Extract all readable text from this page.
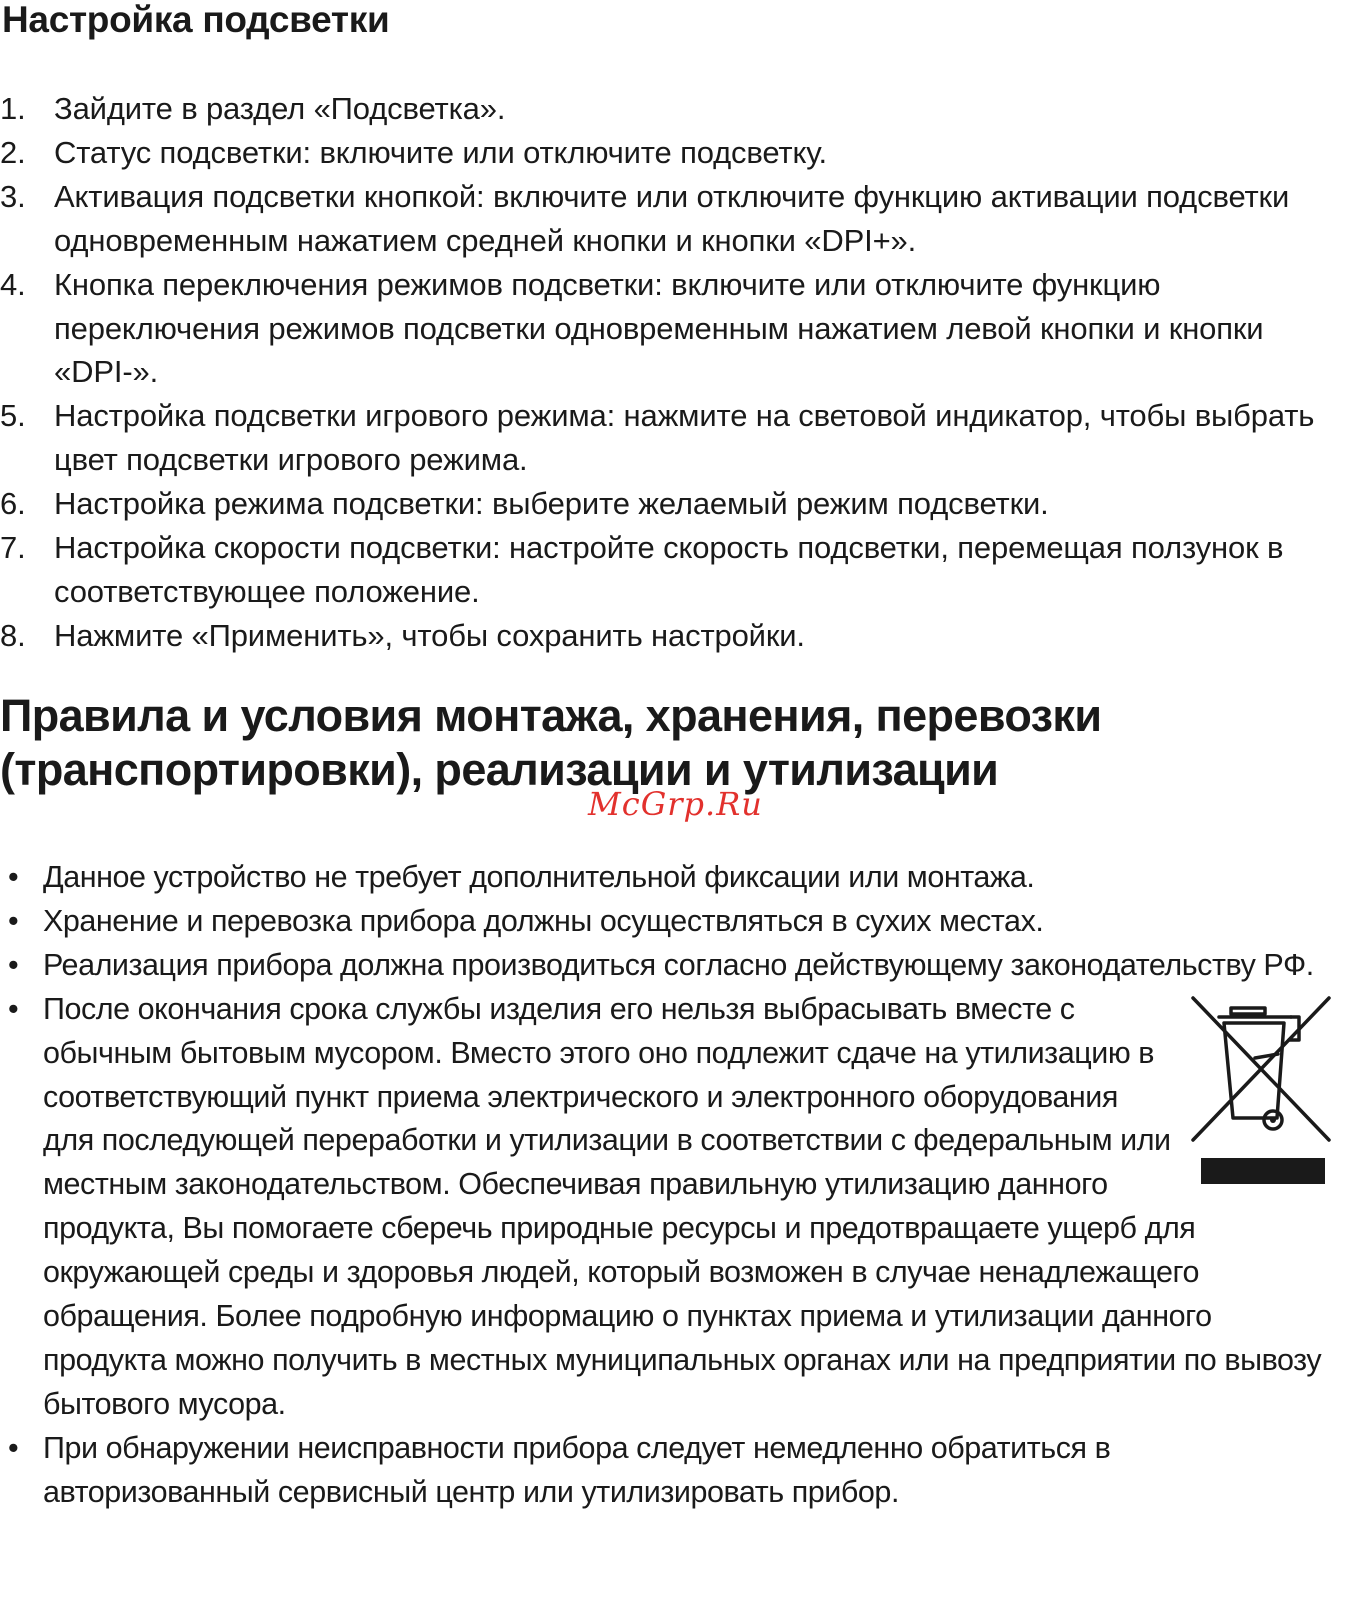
Настройка подсветки
1. Зайдите в раздел «Подсветка».
2. Статус подсветки: включите или отключите подсветку.
3. Активация подсветки кнопкой: включите или отключите функцию активации подсветки одновременным нажатием средней кнопки и кнопки «DPI+».
4. Кнопка переключения режимов подсветки: включите или отключите функцию переключения режимов подсветки одновременным нажатием левой кнопки и кнопки «DPI-».
5. Настройка подсветки игрового режима: нажмите на световой индикатор, чтобы выбрать цвет подсветки игрового режима.
6. Настройка режима подсветки: выберите желаемый режим подсветки.
7. Настройка скорости подсветки: настройте скорость подсветки, перемещая ползунок в соответствующее положение.
8. Нажмите «Применить», чтобы сохранить настройки.
Правила и условия монтажа, хранения, перевозки
(транспортировки), реализации и утилизации
McGrp.Ru
• Данное устройство не требует дополнительной фиксации или монтажа.
• Хранение и перевозка прибора должны осуществляться в сухих местах.
• Реализация прибора должна производиться согласно действующему законодательству РФ.
• После окончания срока службы изделия его нельзя выбрасывать вместе с обычным бытовым мусором. Вместо этого оно подлежит сдаче на утилизацию в соответствующий пункт приема электрического и электронного оборудования для последующей переработки и утилизации в соответствии с федеральным или местным законодательством. Обеспечивая правильную утилизацию данного продукта, Вы помогаете сберечь природные ресурсы и предотвращаете ущерб для окружающей среды и здоровья людей, который возможен в случае ненадлежащего обращения. Более подробную информацию о пунктах приема и утилизации данного продукта можно получить в местных муниципальных органах или на предприятии по вывозу бытового мусора.
• При обнаружении неисправности прибора следует немедленно обратиться в авторизованный сервисный центр или утилизировать прибор.
